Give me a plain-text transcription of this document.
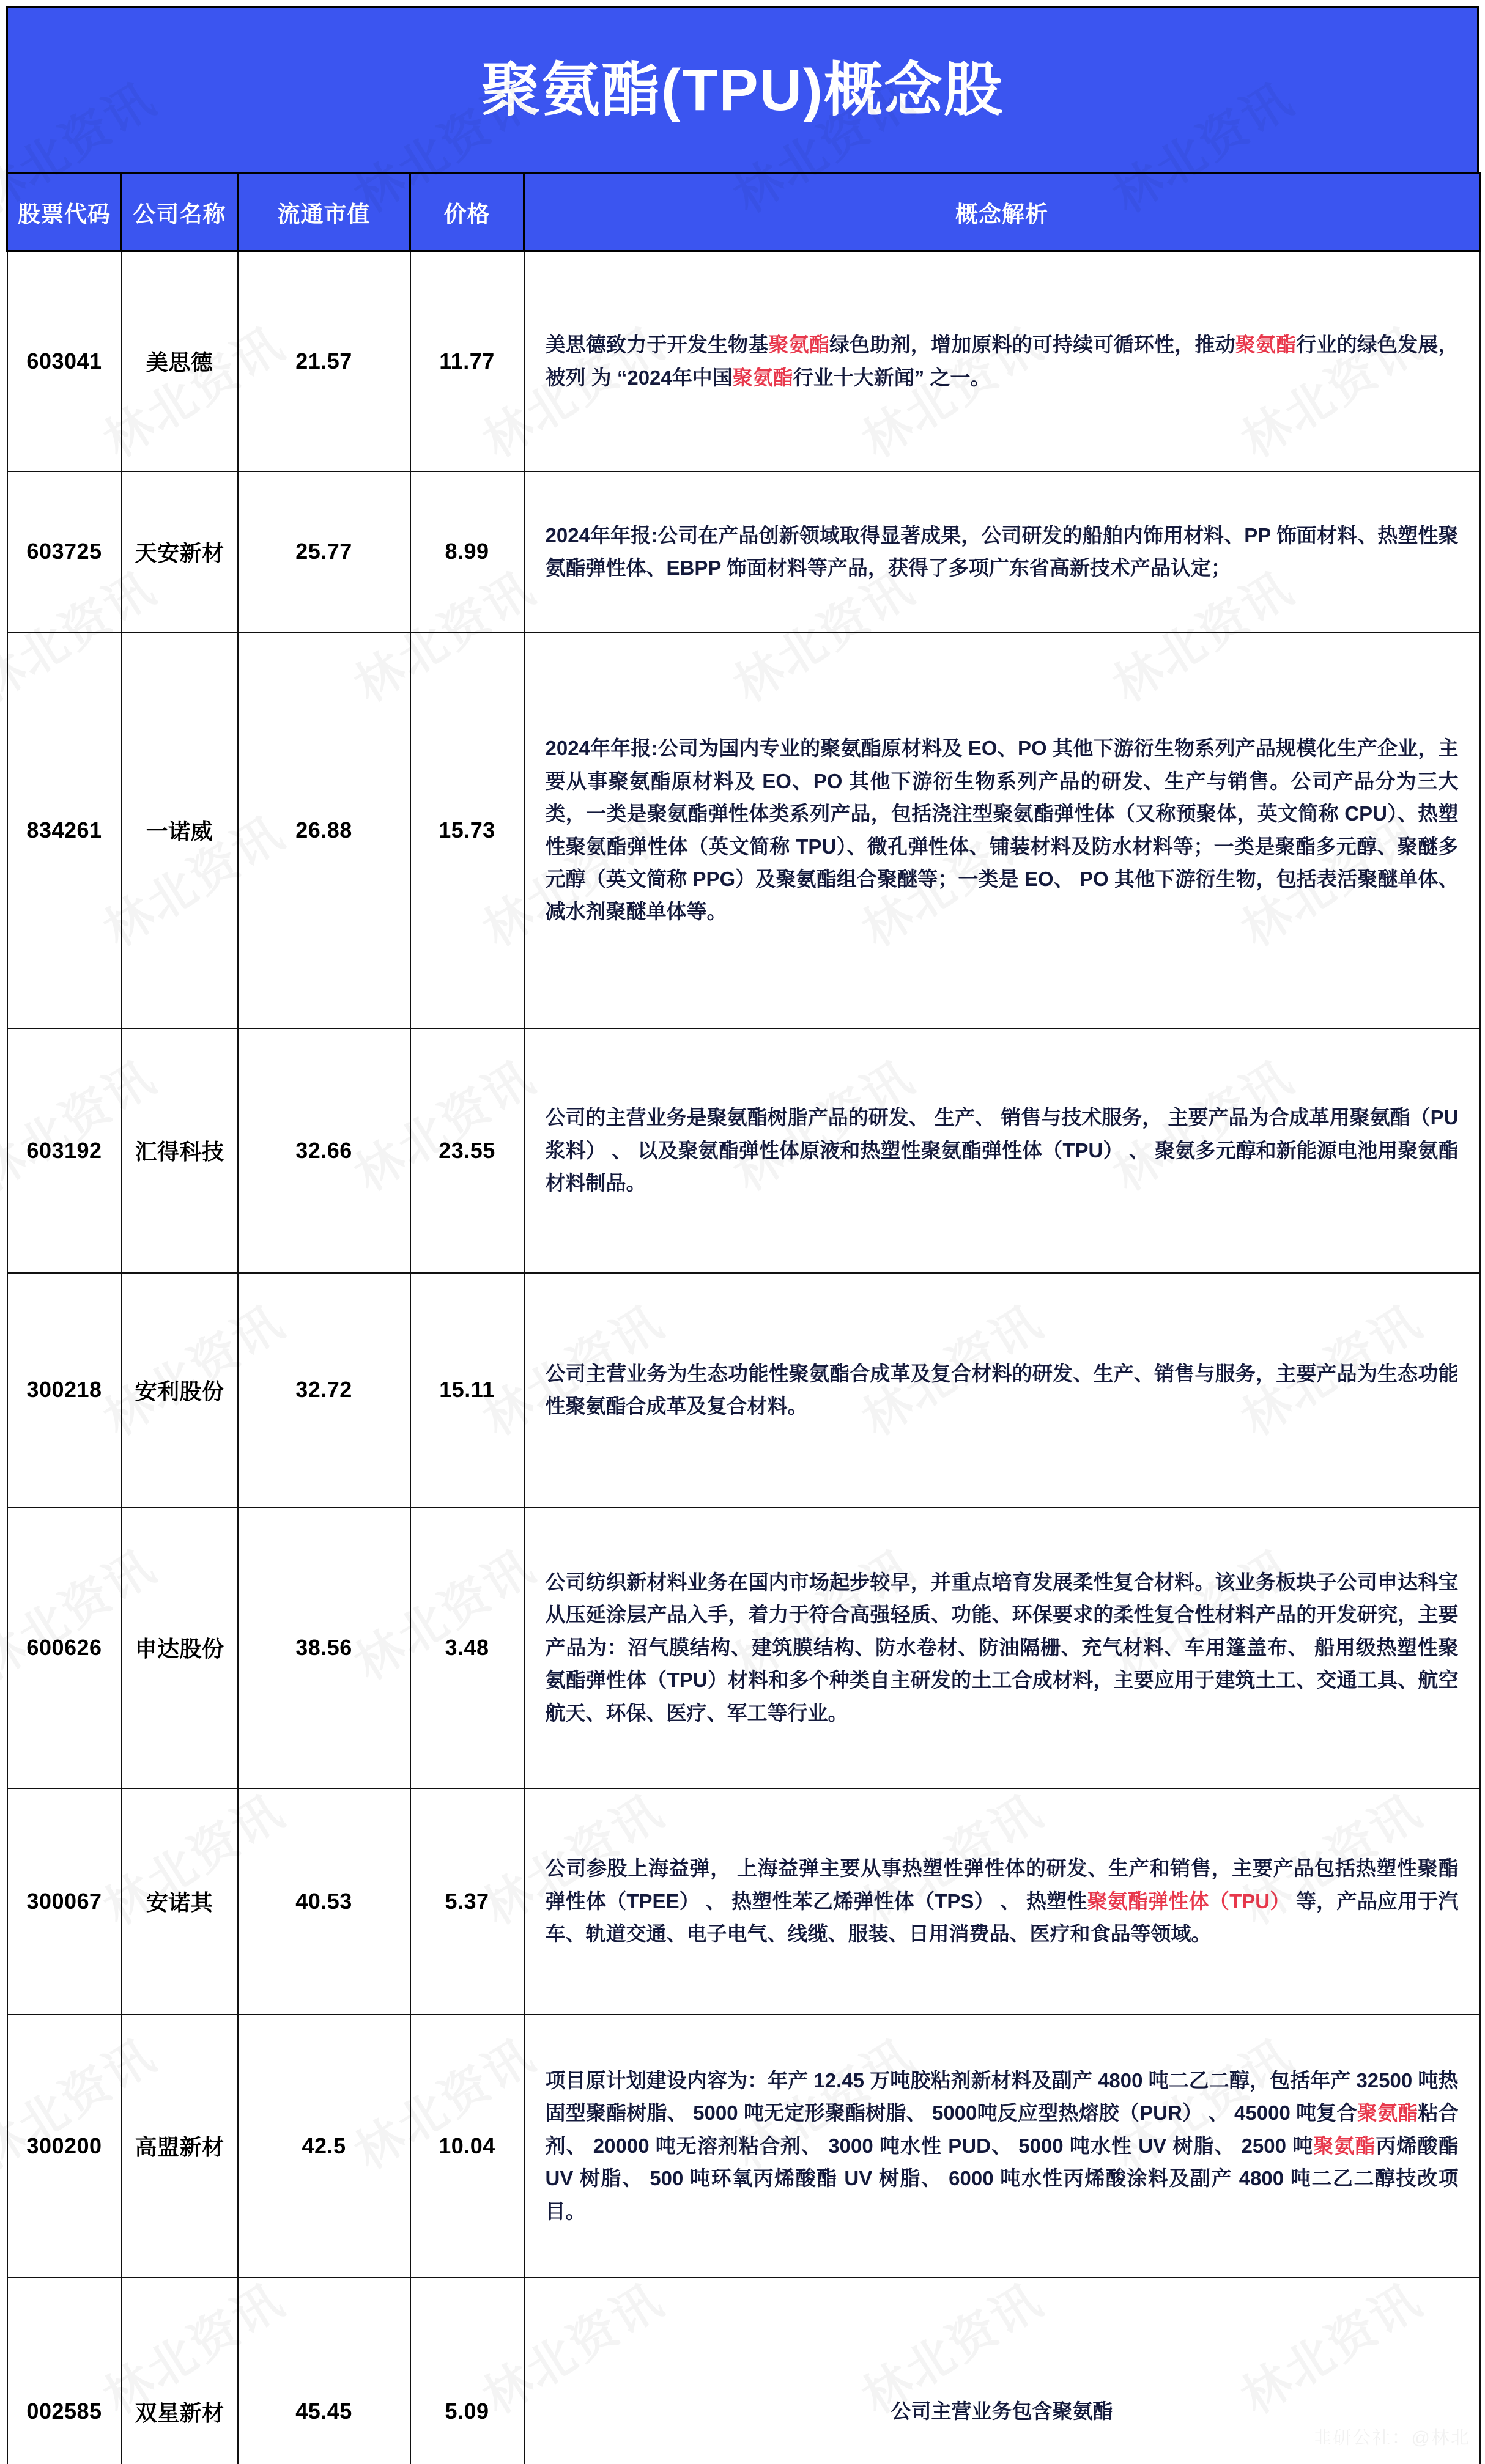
聚氨酯(TPU)概念股
股票代码	公司名称	流通市值	价格	概念解析
603041	美思德	21.57	11.77	美思德致力于开发生物基聚氨酯绿色助剂，增加原料的可持续可循环性，推动聚氨酯行业的绿色发展，被列 为 “2024年中国聚氨酯行业十大新闻” 之一。
603725	天安新材	25.77	8.99	2024年年报:公司在产品创新领域取得显著成果，公司研发的船舶内饰用材料、PP 饰面材料、热塑性聚氨酯弹性体、EBPP 饰面材料等产品，获得了多项广东省高新技术产品认定；
834261	一诺威	26.88	15.73	2024年年报:公司为国内专业的聚氨酯原材料及 EO、PO 其他下游衍生物系列产品规模化生产企业，主要从事聚氨酯原材料及 EO、PO 其他下游衍生物系列产品的研发、生产与销售。公司产品分为三大类，一类是聚氨酯弹性体类系列产品，包括浇注型聚氨酯弹性体（又称预聚体，英文简称 CPU）、热塑性聚氨酯弹性体（英文简称 TPU）、微孔弹性体、铺装材料及防水材料等；一类是聚酯多元醇、聚醚多元醇（英文简称 PPG）及聚氨酯组合聚醚等；一类是 EO、 PO 其他下游衍生物，包括表活聚醚单体、减水剂聚醚单体等。
603192	汇得科技	32.66	23.55	公司的主营业务是聚氨酯树脂产品的研发、 生产、 销售与技术服务， 主要产品为合成革用聚氨酯（PU 浆料） 、 以及聚氨酯弹性体原液和热塑性聚氨酯弹性体（TPU） 、 聚氨多元醇和新能源电池用聚氨酯材料制品。
300218	安利股份	32.72	15.11	公司主营业务为生态功能性聚氨酯合成革及复合材料的研发、生产、销售与服务，主要产品为生态功能性聚氨酯合成革及复合材料。
600626	申达股份	38.56	3.48	公司纺织新材料业务在国内市场起步较早，并重点培育发展柔性复合材料。该业务板块子公司申达科宝从压延涂层产品入手，着力于符合高强轻质、功能、环保要求的柔性复合性材料产品的开发研究，主要产品为：沼气膜结构、建筑膜结构、防水卷材、防油隔栅、充气材料、车用篷盖布、 船用级热塑性聚氨酯弹性体（TPU）材料和多个种类自主研发的土工合成材料，主要应用于建筑土工、交通工具、航空航天、环保、医疗、军工等行业。
300067	安诺其	40.53	5.37	公司参股上海益弹， 上海益弹主要从事热塑性弹性体的研发、生产和销售，主要产品包括热塑性聚酯弹性体（TPEE） 、 热塑性苯乙烯弹性体（TPS） 、 热塑性聚氨酯弹性体（TPU） 等，产品应用于汽车、轨道交通、电子电气、线缆、服装、日用消费品、医疗和食品等领域。
300200	高盟新材	42.5	10.04	项目原计划建设内容为：年产 12.45 万吨胶粘剂新材料及副产 4800 吨二乙二醇，包括年产 32500 吨热固型聚酯树脂、 5000 吨无定形聚酯树脂、 5000吨反应型热熔胶（PUR） 、 45000 吨复合聚氨酯粘合剂、 20000 吨无溶剂粘合剂、 3000 吨水性 PUD、 5000 吨水性 UV 树脂、 2500 吨聚氨酯丙烯酸酯 UV 树脂、 500 吨环氧丙烯酸酯 UV 树脂、 6000 吨水性丙烯酸涂料及副产 4800 吨二乙二醇技改项目。
002585	双星新材	45.45	5.09	公司主营业务包含聚氨酯
韭研公社：@林北
